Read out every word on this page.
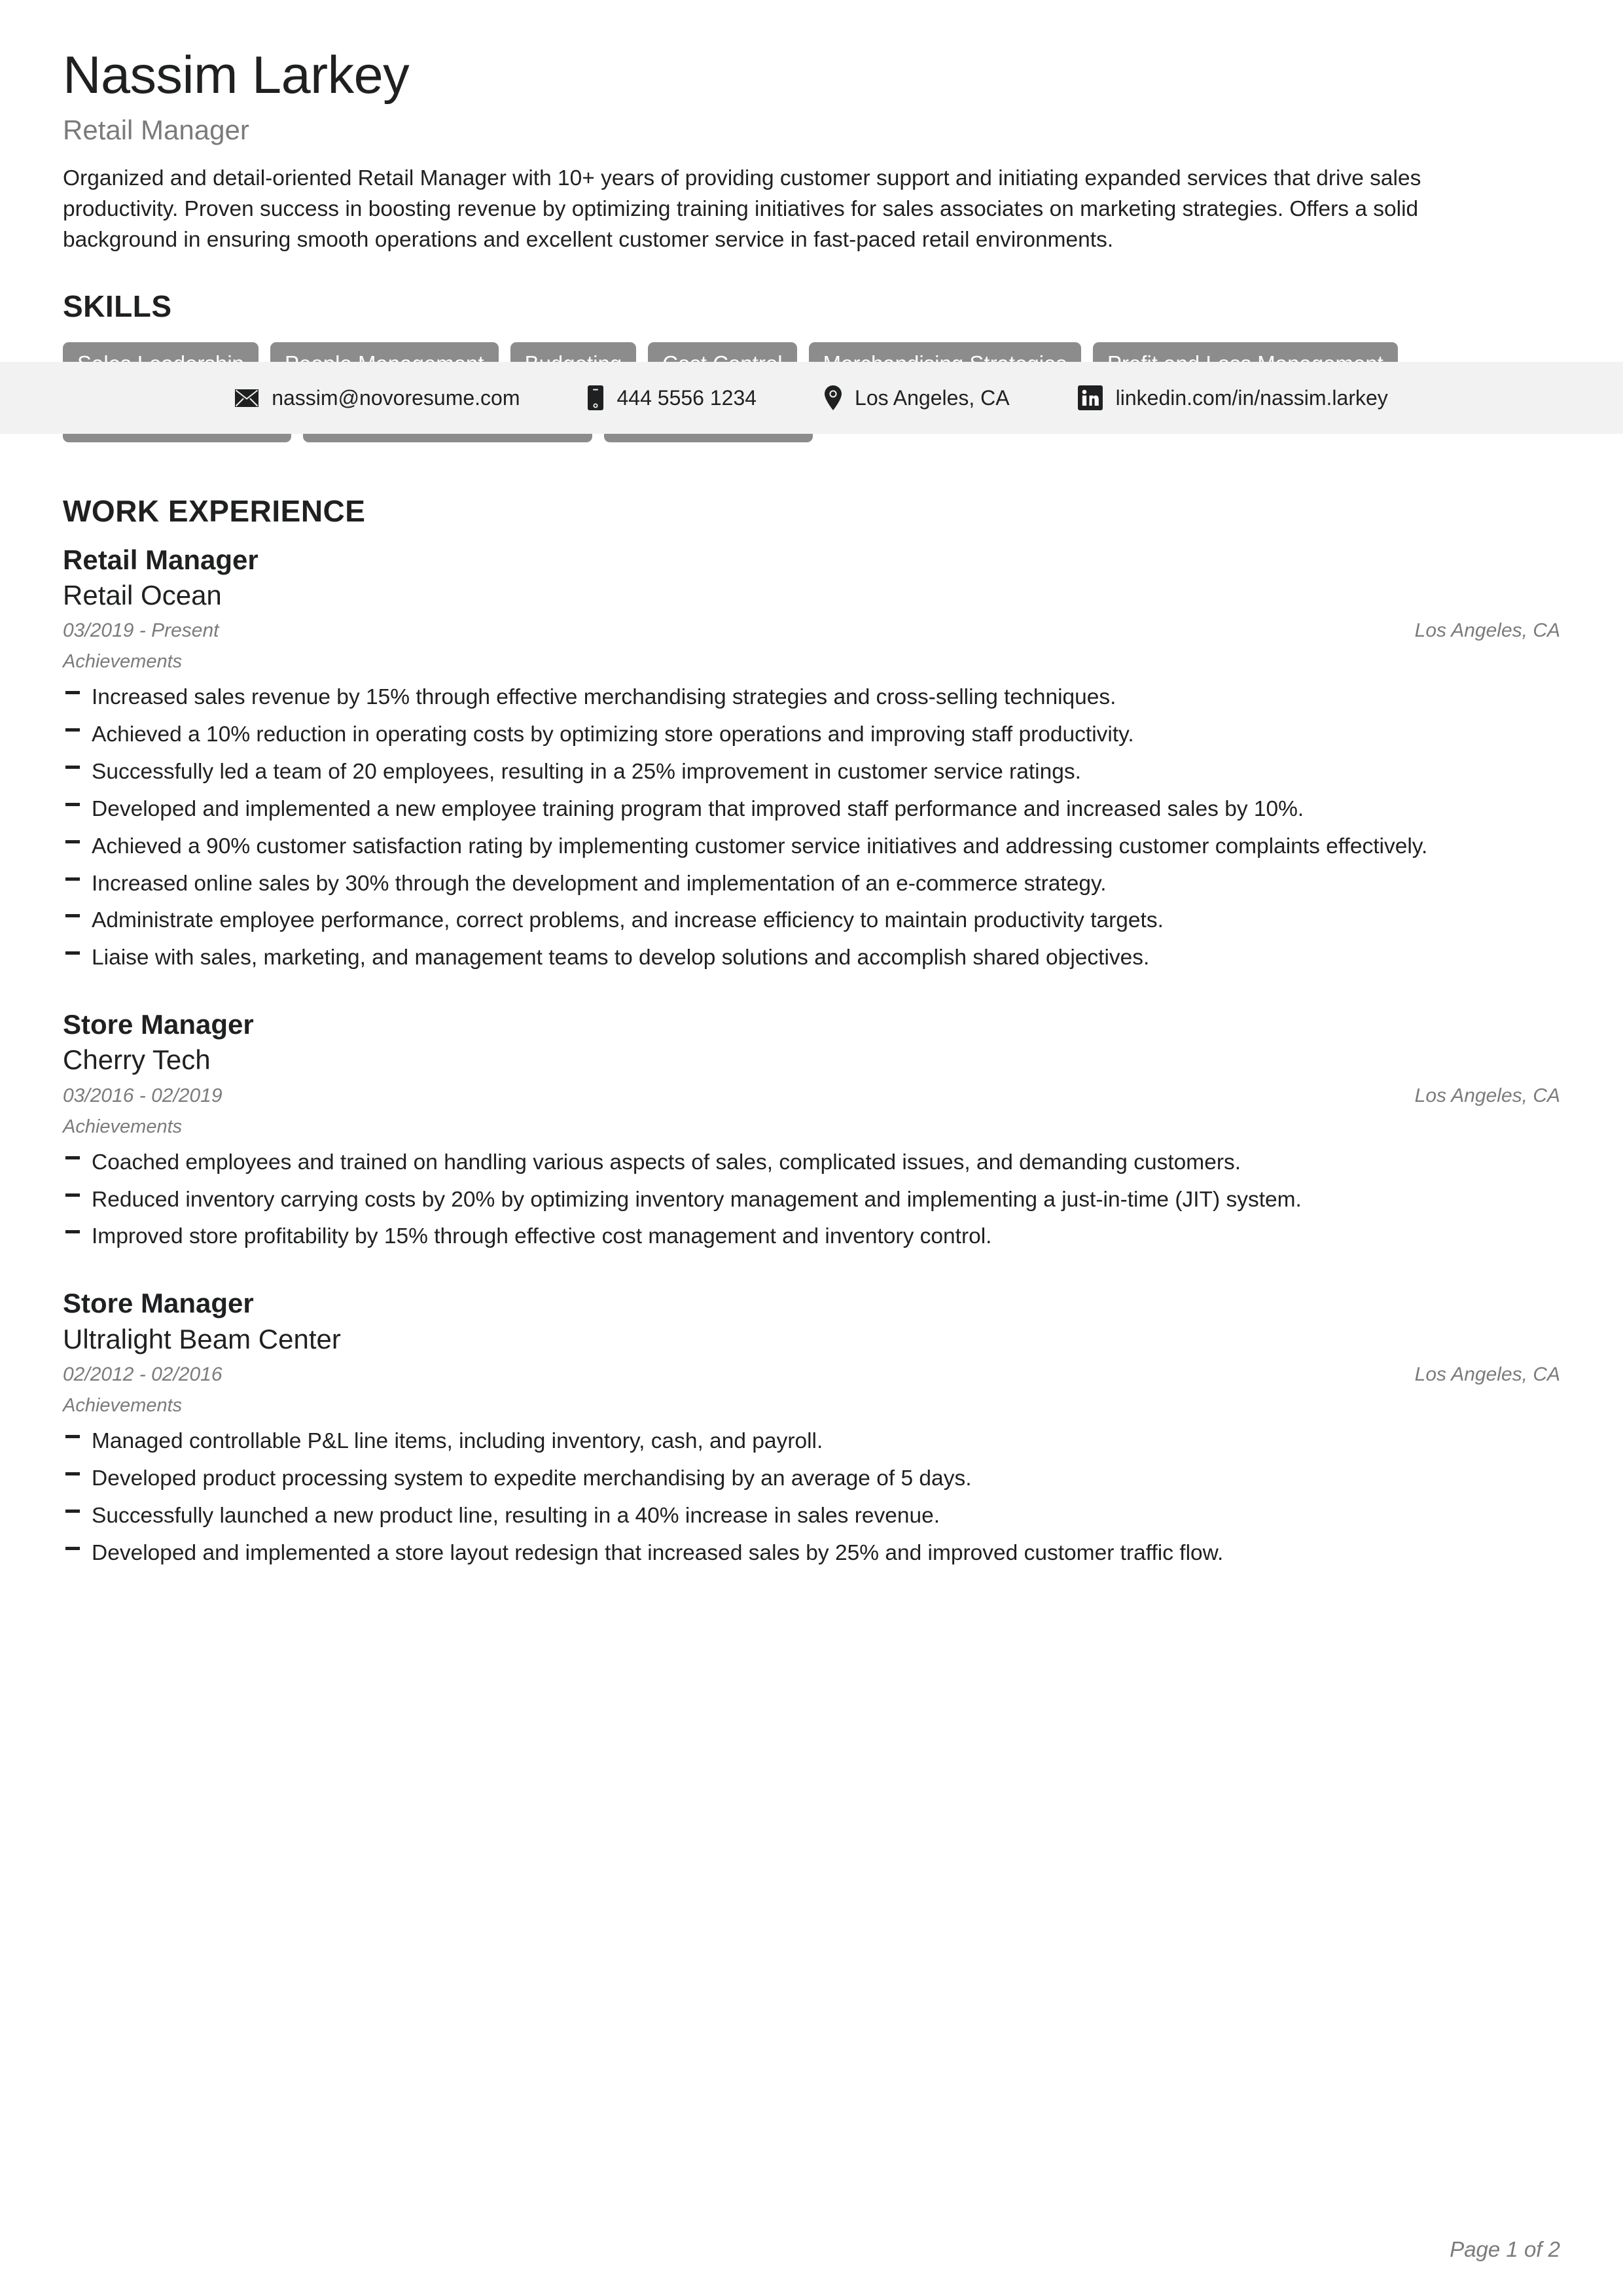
Nassim Larkey
Retail Manager

Organized and detail-oriented Retail Manager with 10+ years of providing customer support and initiating expanded services that drive sales productivity. Proven success in boosting revenue by optimizing training initiatives for sales associates on marketing strategies. Offers a solid background in ensuring smooth operations and excellent customer service in fast-paced retail environments.

nassim@novoresume.com	444 5556 1234	Los Angeles, CA	linkedin.com/in/nassim.larkey
SKILLS
WORK EXPERIENCE
Retail Manager
Retail Ocean
03/2019 - Present	Los Angeles, CA
Achievements
Increased sales revenue by 15% through effective merchandising strategies and cross-selling techniques.
Achieved a 10% reduction in operating costs by optimizing store operations and improving staff productivity.
Successfully led a team of 20 employees, resulting in a 25% improvement in customer service ratings.
Developed and implemented a new employee training program that improved staff performance and increased sales by 10%.
Achieved a 90% customer satisfaction rating by implementing customer service initiatives and addressing customer complaints effectively.
Increased online sales by 30% through the development and implementation of an e-commerce strategy.
Administrate employee performance, correct problems, and increase efficiency to maintain productivity targets.
Liaise with sales, marketing, and management teams to develop solutions and accomplish shared objectives.
Store Manager
Cherry Tech
03/2016 - 02/2019	Los Angeles, CA
Achievements
Coached employees and trained on handling various aspects of sales, complicated issues, and demanding customers.
Reduced inventory carrying costs by 20% by optimizing inventory management and implementing a just-in-time (JIT) system.
Improved store profitability by 15% through effective cost management and inventory control.
Store Manager
Ultralight Beam Center
02/2012 - 02/2016	Los Angeles, CA
Achievements
Managed controllable P&L line items, including inventory, cash, and payroll.
Developed product processing system to expedite merchandising by an average of 5 days.
Successfully launched a new product line, resulting in a 40% increase in sales revenue.
Developed and implemented a store layout redesign that increased sales by 25% and improved customer traffic flow.
Page 1 of 2
